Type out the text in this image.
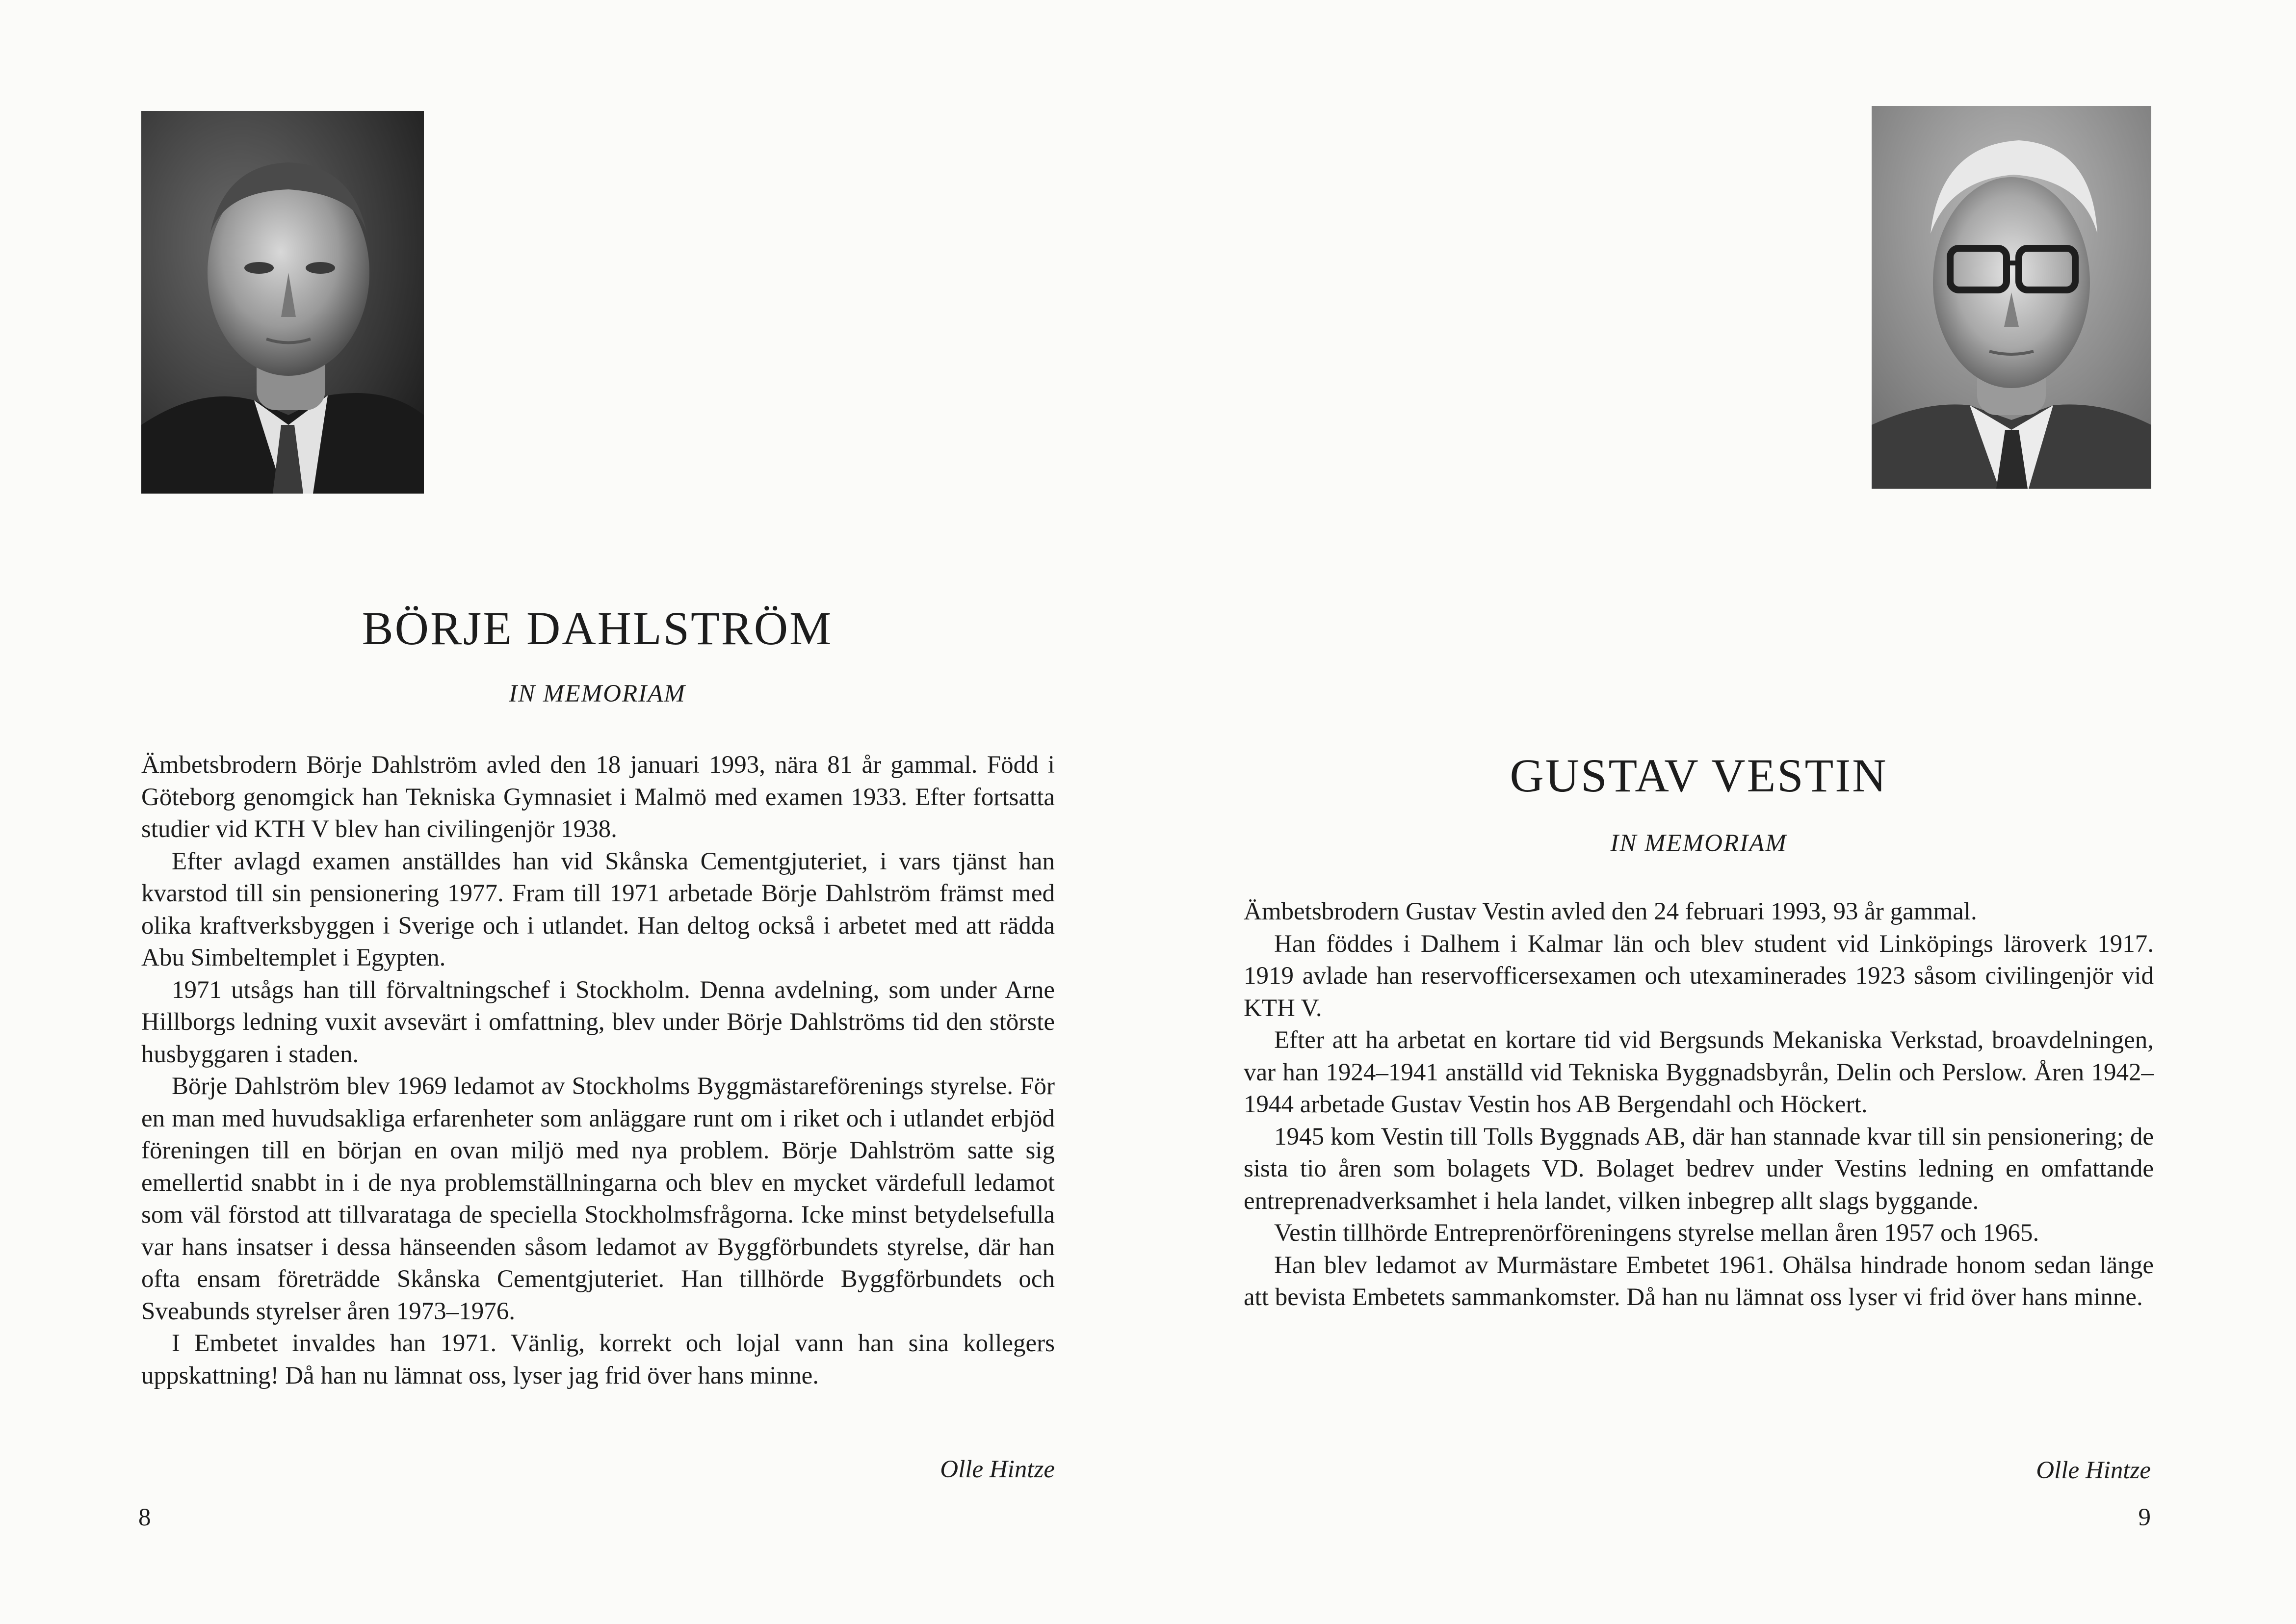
BÖRJE DAHLSTRÖM
IN MEMORIAM

Ämbetsbrodern Börje Dahlström avled den 18 januari 1993, nära 81 år gammal. Född i Göteborg genomgick han Tekniska Gymnasiet i Malmö med examen 1933. Efter fortsatta studier vid KTH V blev han civilingenjör 1938.

Efter avlagd examen anställdes han vid Skånska Cementgjuteriet, i vars tjänst han kvarstod till sin pensionering 1977. Fram till 1971 arbetade Börje Dahlström främst med olika kraftverksbyggen i Sverige och i utlandet. Han deltog också i arbetet med att rädda Abu Simbeltemplet i Egypten.

1971 utsågs han till förvaltningschef i Stockholm. Denna avdelning, som under Arne Hillborgs ledning vuxit avsevärt i omfattning, blev under Börje Dahlströms tid den störste husbyggaren i staden.

Börje Dahlström blev 1969 ledamot av Stockholms Byggmästareförenings styrelse. För en man med huvudsakliga erfarenheter som anläggare runt om i riket och i utlandet erbjöd föreningen till en början en ovan miljö med nya problem. Börje Dahlström satte sig emellertid snabbt in i de nya problemställningarna och blev en mycket värdefull ledamot som väl förstod att tillvaratagа de speciella Stockholmsfrågorna. Icke minst betydelsefulla var hans insatser i dessa hänseenden såsom ledamot av Byggförbundets styrelse, där han ofta ensam företrädde Skånska Cementgjuteriet. Han tillhörde Byggförbundets och Sveabunds styrelser åren 1973–1976.

I Embetet invaldes han 1971. Vänlig, korrekt och lojal vann han sina kollegers uppskattning! Då han nu lämnat oss, lyser jag frid över hans minne.

Olle Hintze
8
GUSTAV VESTIN
IN MEMORIAM

Ämbetsbrodern Gustav Vestin avled den 24 februari 1993, 93 år gammal.

Han föddes i Dalhem i Kalmar län och blev student vid Linköpings läroverk 1917. 1919 avlade han reservofficersexamen och utexaminerades 1923 såsom civilingenjör vid KTH V.

Efter att ha arbetat en kortare tid vid Bergsunds Mekaniska Verkstad, broavdelningen, var han 1924–1941 anställd vid Tekniska Byggnadsbyrån, Delin och Perslow. Åren 1942–1944 arbetade Gustav Vestin hos AB Bergendahl och Höckert.

1945 kom Vestin till Tolls Byggnads AB, där han stannade kvar till sin pensionering; de sista tio åren som bolagets VD. Bolaget bedrev under Vestins ledning en omfattande entreprenadverksamhet i hela landet, vilken inbegrep allt slags byggande.

Vestin tillhörde Entreprenörföreningens styrelse mellan åren 1957 och 1965.

Han blev ledamot av Murmästare Embetet 1961. Ohälsa hindrade honom sedan länge att bevista Embetets sammankomster. Då han nu lämnat oss lyser vi frid över hans minne.

Olle Hintze
9
